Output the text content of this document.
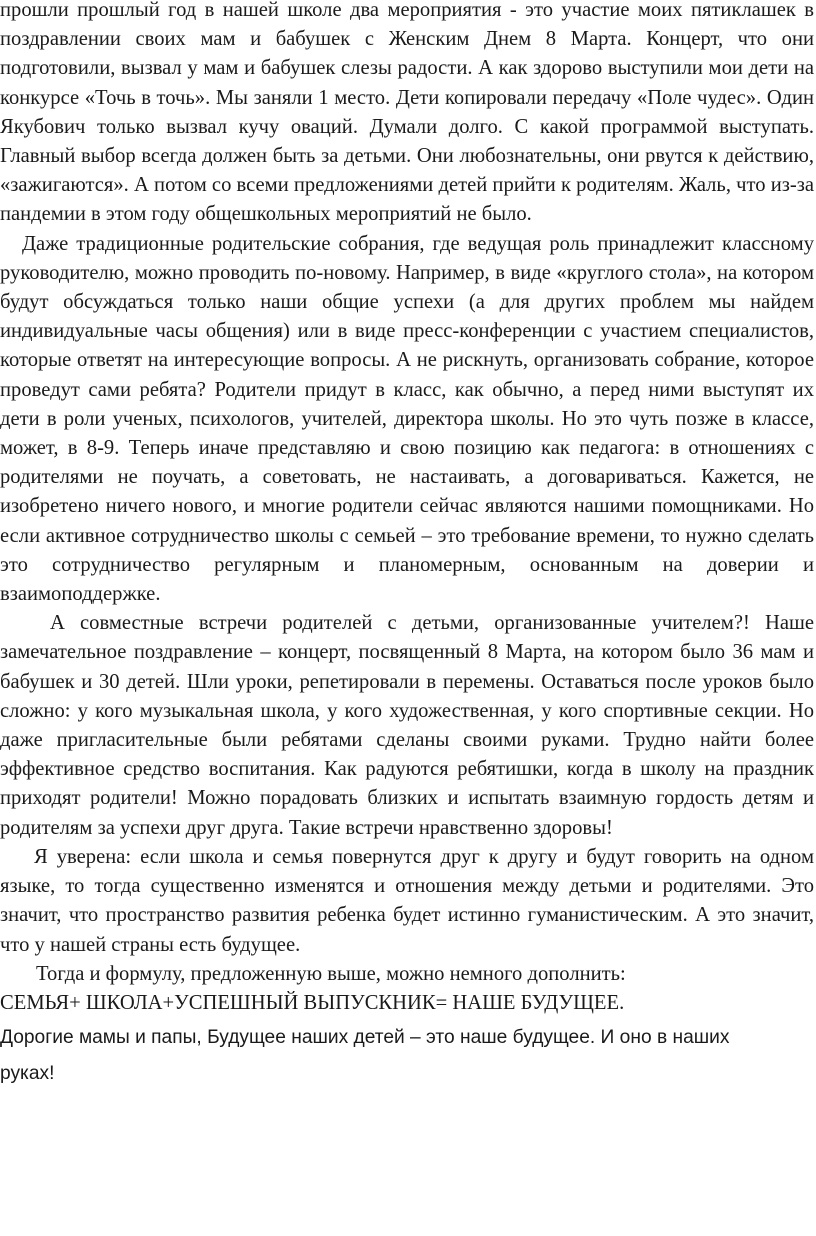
прошли прошлый год в нашей школе два мероприятия - это участие моих пятиклашек в поздравлении своих мам и бабушек с Женским Днем 8 Марта. Концерт, что они подготовили, вызвал у мам и бабушек слезы радости. А как здорово выступили мои дети на конкурсе «Точь в точь». Мы заняли 1 место. Дети копировали передачу «Поле чудес». Один Якубович только вызвал кучу оваций. Думали долго. С какой программой выступать. Главный выбор всегда должен быть за детьми. Они любознательны, они рвутся к действию, «зажигаются». А потом со всеми предложениями детей прийти к родителям. Жаль, что из-за пандемии в этом году общешкольных мероприятий не было.

Даже традиционные родительские собрания, где ведущая роль принадлежит классному руководителю, можно проводить по-новому. Например, в виде «круглого стола», на котором будут обсуждаться только наши общие успехи (а для других проблем мы найдем индивидуальные часы общения) или в виде пресс-конференции с участием специалистов, которые ответят на интересующие вопросы. А не рискнуть, организовать собрание, которое проведут сами ребята? Родители придут в класс, как обычно, а перед ними выступят их дети в роли ученых, психологов, учителей, директора школы. Но это чуть позже в классе, может, в 8-9. Теперь иначе представляю и свою позицию как педагога: в отношениях с родителями не поучать, а советовать, не настаивать, а договариваться. Кажется, не изобретено ничего нового, и многие родители сейчас являются нашими помощниками. Но если активное сотрудничество школы с семьей – это требование времени, то нужно сделать это сотрудничество регулярным и планомерным, основанным на доверии и взаимоподдержке.

А совместные встречи родителей с детьми, организованные учителем?! Наше замечательное поздравление – концерт, посвященный 8 Марта, на котором было 36 мам и бабушек и 30 детей. Шли уроки, репетировали в перемены. Оставаться после уроков было сложно: у кого музыкальная школа, у кого художественная, у кого спортивные секции. Но даже пригласительные были ребятами сделаны своими руками. Трудно найти более эффективное средство воспитания. Как радуются ребятишки, когда в школу на праздник приходят родители! Можно порадовать близких и испытать взаимную гордость детям и родителям за успехи друг друга. Такие встречи нравственно здоровы!

Я уверена: если школа и семья повернутся друг к другу и будут говорить на одном языке, то тогда существенно изменятся и отношения между детьми и родителями. Это значит, что пространство развития ребенка будет истинно гуманистическим. А это значит, что у нашей страны есть будущее.

Тогда и формулу, предложенную выше, можно немного дополнить:

СЕМЬЯ+ ШКОЛА+УСПЕШНЫЙ ВЫПУСКНИК= НАШЕ БУДУЩЕЕ.

Дорогие мамы и папы, Будущее наших детей – это наше будущее. И оно в наших руках!
